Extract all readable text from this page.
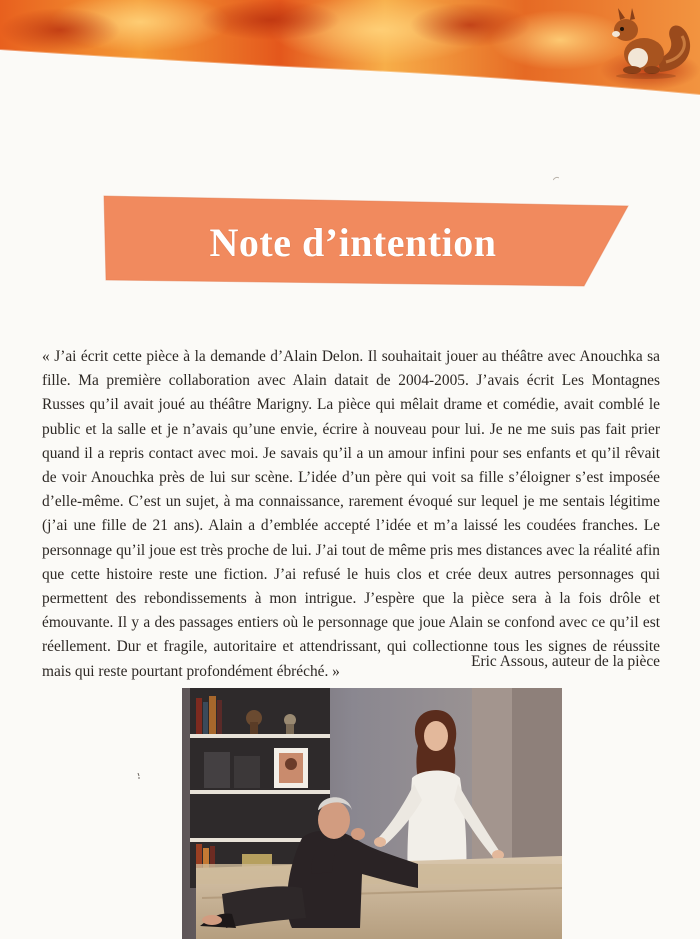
Note d’intention

« J’ai écrit cette pièce à la demande d’Alain Delon. Il souhaitait jouer au théâtre avec Anouchka sa fille. Ma première collaboration avec Alain datait de 2004-2005. J’avais écrit Les Montagnes Russes qu’il avait joué au théâtre Marigny. La pièce qui mêlait drame et comédie, avait comblé le public et la salle et je n’avais qu’une envie, écrire à nouveau pour lui. Je ne me suis pas fait prier quand il a repris contact avec moi. Je savais qu’il a un amour infini pour ses enfants et qu’il rêvait de voir Anouchka près de lui sur scène. L’idée d’un père qui voit sa fille s’éloigner s’est imposée d’elle-même. C’est un sujet, à ma connaissance, rarement évoqué sur lequel je me sentais légitime (j’ai une fille de 21 ans). Alain a d’emblée accepté l’idée et m’a laissé les coudées franches. Le personnage qu’il joue est très proche de lui. J’ai tout de même pris mes distances avec la réalité afin que cette histoire reste une fiction. J’ai refusé le huis clos et crée deux autres personnages qui permettent des rebondissements à mon intrigue. J’espère que la pièce sera à la fois drôle et émouvante. Il y a des passages entiers où le personnage que joue Alain se confond avec ce qu’il est réellement. Dur et fragile, autoritaire et attendrissant, qui collectionne tous les signes de réussite mais qui reste pourtant profondément ébréché. »

Eric Assous, auteur de la pièce
